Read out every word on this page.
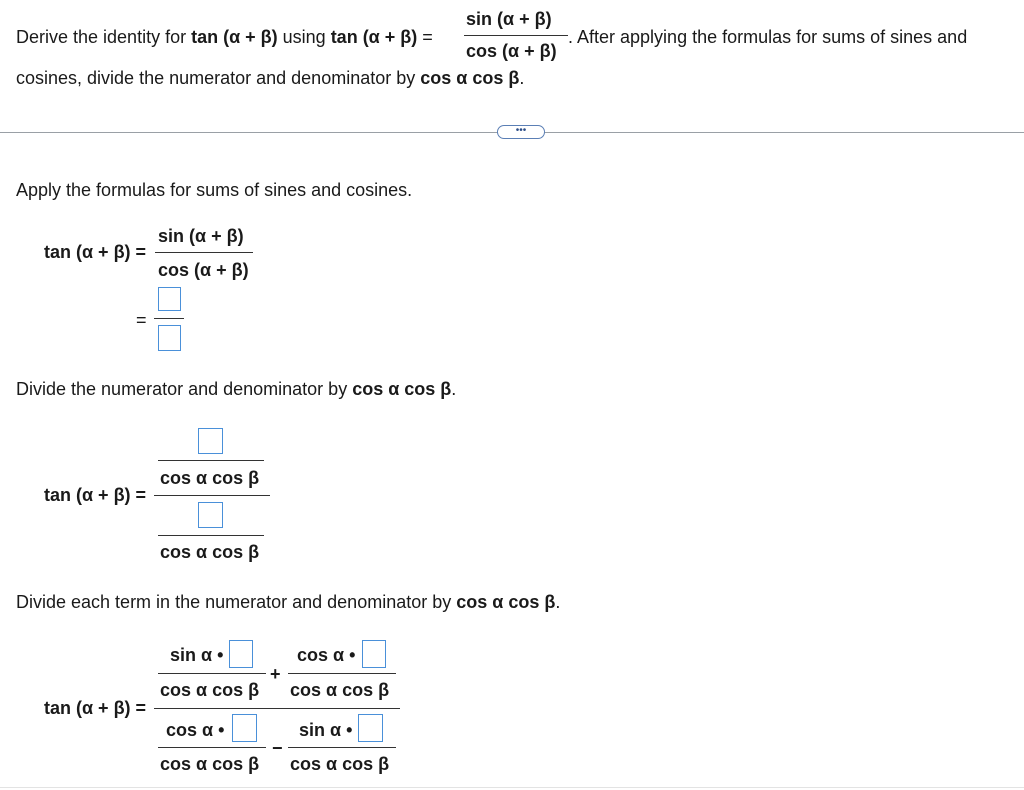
Derive the identity for tan (α + β) using tan (α + β) =
sin (α + β)
cos (α + β)
. After applying the formulas for sums of sines and
cosines, divide the numerator and denominator by cos α cos β.
•••
Apply the formulas for sums of sines and cosines.
tan (α + β) =
sin (α + β)
cos (α + β)
=
Divide the numerator and denominator by cos α cos β.
tan (α + β) =
cos α cos β
cos α cos β
Divide each term in the numerator and denominator by cos α cos β.
tan (α + β) =
sin α •
cos α cos β
+
cos α •
cos α cos β
cos α •
cos α cos β
−
sin α •
cos α cos β
